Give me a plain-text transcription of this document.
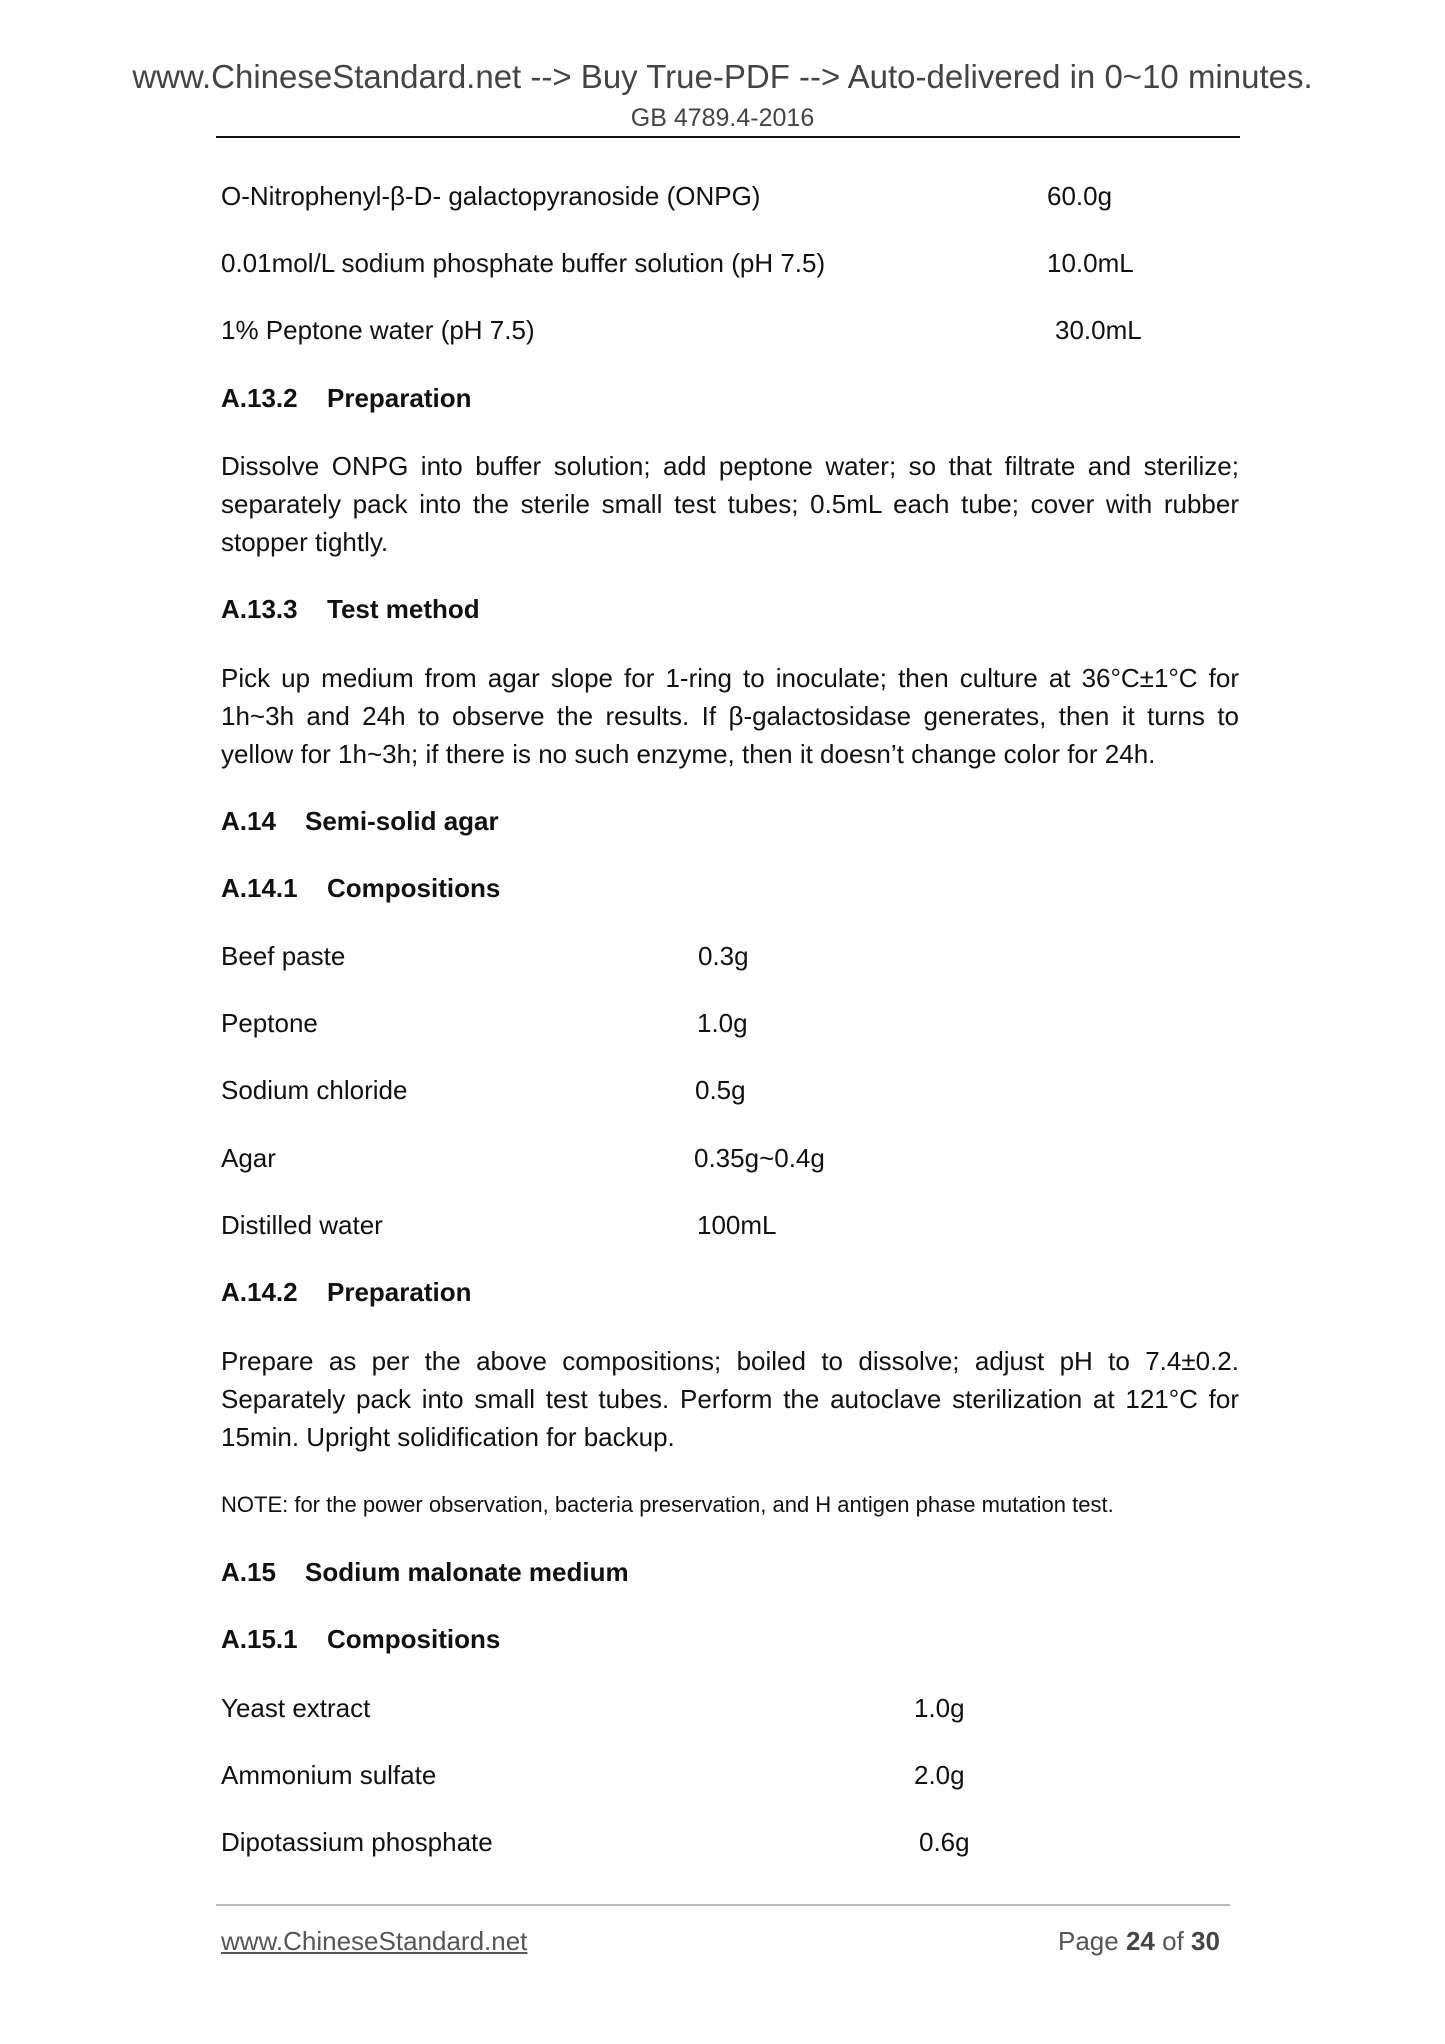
www.ChineseStandard.net --> Buy True-PDF --> Auto-delivered in 0~10 minutes.
GB 4789.4-2016
O-Nitrophenyl-β-D- galactopyranoside (ONPG)	60.0g
0.01mol/L sodium phosphate buffer solution (pH 7.5)	10.0mL
1% Peptone water (pH 7.5)	30.0mL
A.13.2 Preparation
Dissolve ONPG into buffer solution; add peptone water; so that filtrate and sterilize; separately pack into the sterile small test tubes; 0.5mL each tube; cover with rubber stopper tightly.
A.13.3 Test method
Pick up medium from agar slope for 1-ring to inoculate; then culture at 36°C±1°C for 1h~3h and 24h to observe the results. If β-galactosidase generates, then it turns to yellow for 1h~3h; if there is no such enzyme, then it doesn’t change color for 24h.
A.14 Semi-solid agar
A.14.1 Compositions
Beef paste	0.3g
Peptone	1.0g
Sodium chloride	0.5g
Agar	0.35g~0.4g
Distilled water	100mL
A.14.2 Preparation
Prepare as per the above compositions; boiled to dissolve; adjust pH to 7.4±0.2. Separately pack into small test tubes. Perform the autoclave sterilization at 121°C for 15min. Upright solidification for backup.
NOTE: for the power observation, bacteria preservation, and H antigen phase mutation test.
A.15 Sodium malonate medium
A.15.1 Compositions
Yeast extract	1.0g
Ammonium sulfate	2.0g
Dipotassium phosphate	0.6g
www.ChineseStandard.net	Page 24 of 30
